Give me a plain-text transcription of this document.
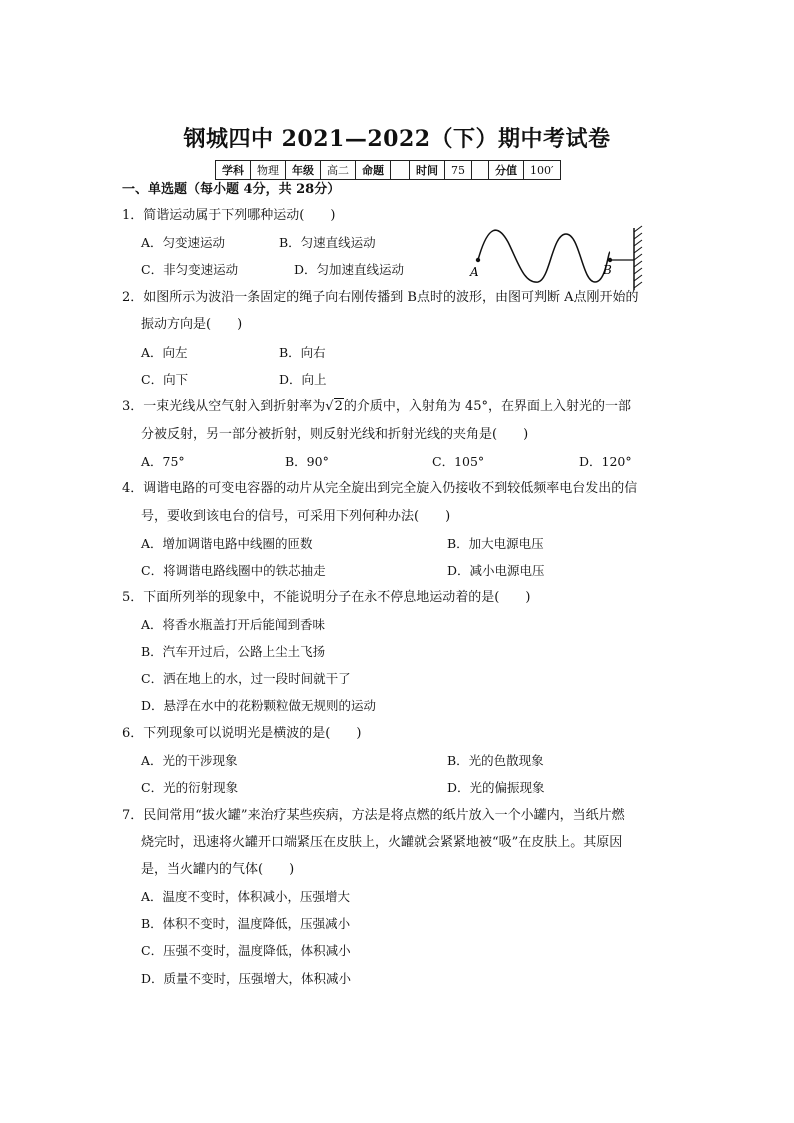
钢城四中 2021—2022（下）期中考试卷
学科	物理	年级	高二	命题		时间	75		分值	100′
一、单选题（每小题 4分，共 28分）
1．简谐运动属于下列哪种运动(　　)
A．匀变速运动	B．匀速直线运动
C．非匀变速运动	D．匀加速直线运动	A	B
2．如图所示为波沿一条固定的绳子向右刚传播到 B点时的波形，由图可判断 A点刚开始的
振动方向是(　　)
A．向左	B．向右
C．向下	D．向上
3．一束光线从空气射入到折射率为√2的介质中，入射角为 45°，在界面上入射光的一部
分被反射，另一部分被折射，则反射光线和折射光线的夹角是(　　)
A．75°	B．90°	C．105°	D．120°
4．调谐电路的可变电容器的动片从完全旋出到完全旋入仍接收不到较低频率电台发出的信
号，要收到该电台的信号，可采用下列何种办法(　　)
A．增加调谐电路中线圈的匝数	B．加大电源电压
C．将调谐电路线圈中的铁芯抽走	D．减小电源电压
5．下面所列举的现象中，不能说明分子在永不停息地运动着的是(　　)
A．将香水瓶盖打开后能闻到香味
B．汽车开过后，公路上尘土飞扬
C．洒在地上的水，过一段时间就干了
D．悬浮在水中的花粉颗粒做无规则的运动
6．下列现象可以说明光是横波的是(　　)
A．光的干涉现象	B．光的色散现象
C．光的衍射现象	D．光的偏振现象
7．民间常用“拔火罐”来治疗某些疾病，方法是将点燃的纸片放入一个小罐内，当纸片燃
烧完时，迅速将火罐开口端紧压在皮肤上，火罐就会紧紧地被“吸”在皮肤上。其原因
是，当火罐内的气体(　　)
A．温度不变时，体积减小，压强增大
B．体积不变时，温度降低，压强减小
C．压强不变时，温度降低，体积减小
D．质量不变时，压强增大，体积减小
